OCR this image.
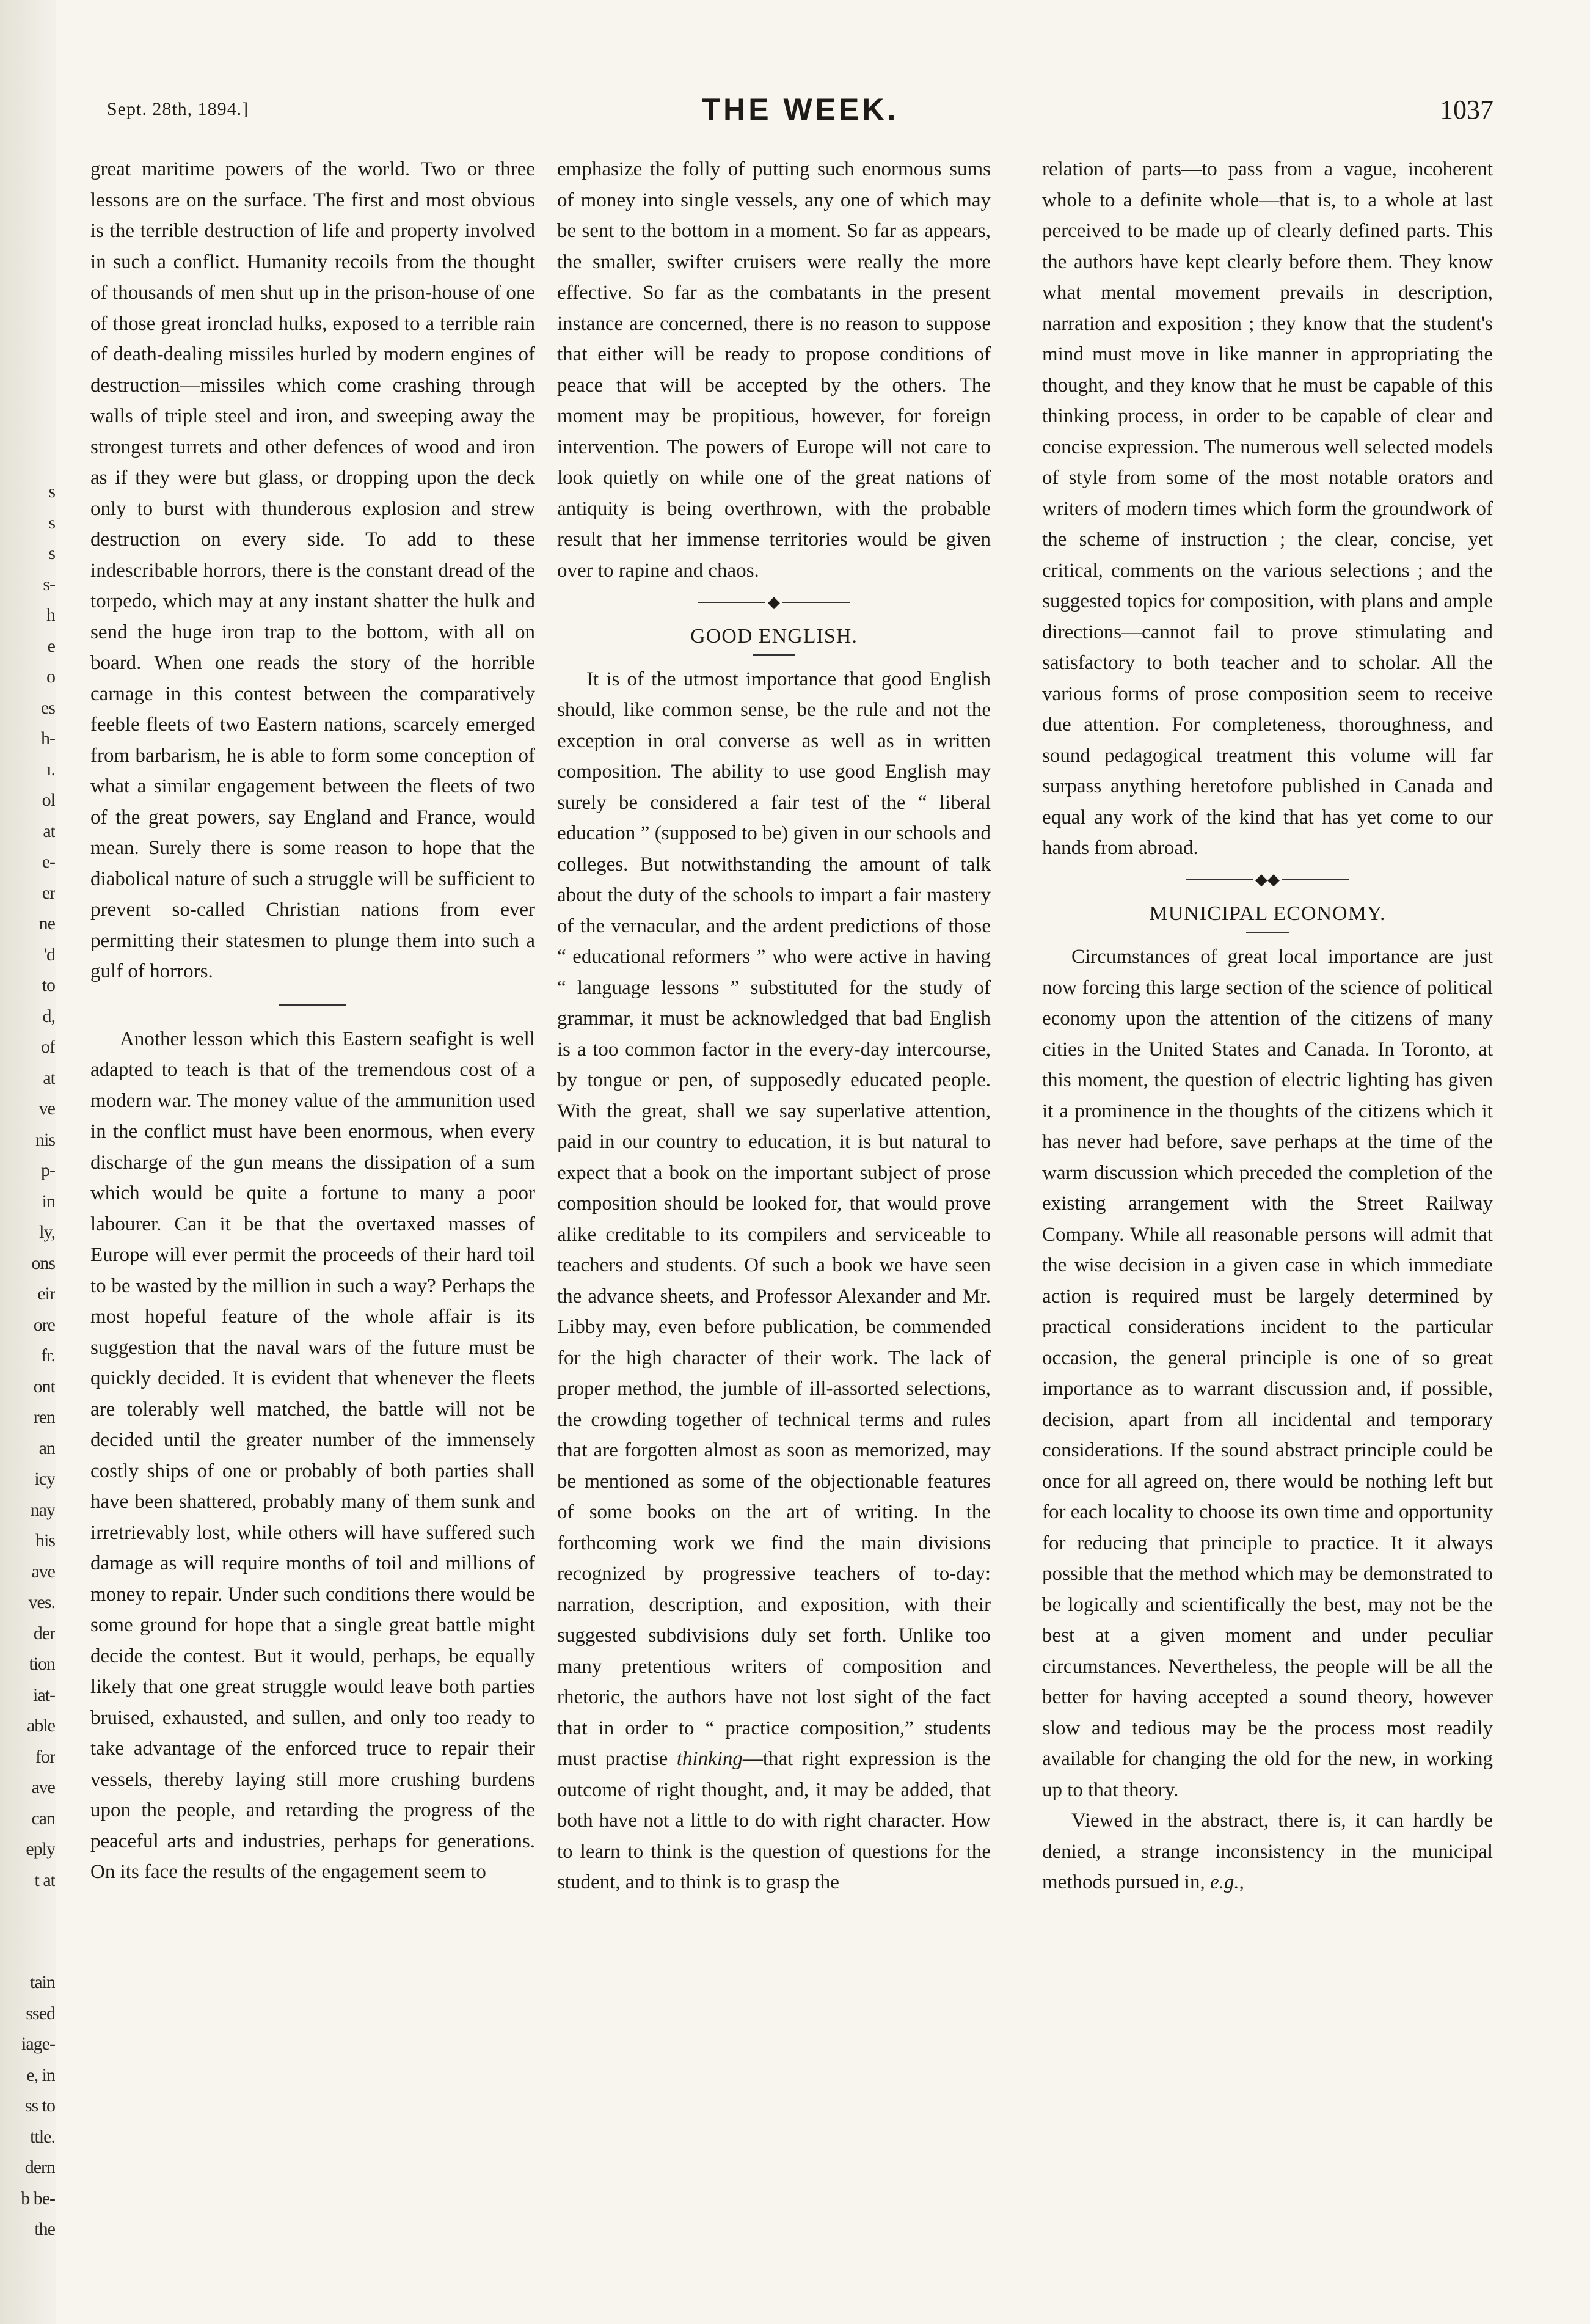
s
s
s
s-
h
e
o
es
h-
ı.
ol
at
e-
er
ne
'd
to
d,
of
at
ve
nis
p-
in
ly,
ons
eir
ore
fr.
ont
ren
an
icy
nay
his
ave
ves.
der
tion
iat-
able
for
ave
can
eply
t at
tain
ssed
iage-
e, in
ss to
ttle.
dern
b be-
the
Sept. 28th, 1894.]	THE WEEK.	1037

great maritime powers of the world. Two or three lessons are on the surface. The first and most obvious is the terrible destruction of life and property involved in such a conflict. Humanity recoils from the thought of thousands of men shut up in the prison-house of one of those great ironclad hulks, exposed to a terrible rain of death-dealing missiles hurled by modern engines of destruction—missiles which come crashing through walls of triple steel and iron, and sweeping away the strongest turrets and other defences of wood and iron as if they were but glass, or dropping upon the deck only to burst with thunderous explosion and strew destruction on every side. To add to these indescribable horrors, there is the constant dread of the torpedo, which may at any instant shatter the hulk and send the huge iron trap to the bottom, with all on board. When one reads the story of the horrible carnage in this contest between the comparatively feeble fleets of two Eastern nations, scarcely emerged from barbarism, he is able to form some conception of what a similar engagement between the fleets of two of the great powers, say England and France, would mean. Surely there is some reason to hope that the diabolical nature of such a struggle will be sufficient to prevent so-called Christian nations from ever permitting their statesmen to plunge them into such a gulf of horrors.

Another lesson which this Eastern seafight is well adapted to teach is that of the tremendous cost of a modern war. The money value of the ammunition used in the conflict must have been enormous, when every discharge of the gun means the dissipation of a sum which would be quite a fortune to many a poor labourer. Can it be that the overtaxed masses of Europe will ever permit the proceeds of their hard toil to be wasted by the million in such a way? Perhaps the most hopeful feature of the whole affair is its suggestion that the naval wars of the future must be quickly decided. It is evident that whenever the fleets are tolerably well matched, the battle will not be decided until the greater number of the immensely costly ships of one or probably of both parties shall have been shattered, probably many of them sunk and irretrievably lost, while others will have suffered such damage as will require months of toil and millions of money to repair. Under such conditions there would be some ground for hope that a single great battle might decide the contest. But it would, perhaps, be equally likely that one great struggle would leave both parties bruised, exhausted, and sullen, and only too ready to take advantage of the enforced truce to repair their vessels, thereby laying still more crushing burdens upon the people, and retarding the progress of the peaceful arts and industries, perhaps for generations. On its face the results of the engagement seem to

emphasize the folly of putting such enormous sums of money into single vessels, any one of which may be sent to the bottom in a moment. So far as appears, the smaller, swifter cruisers were really the more effective. So far as the combatants in the present instance are concerned, there is no reason to suppose that either will be ready to propose conditions of peace that will be accepted by the others. The moment may be propitious, however, for foreign intervention. The powers of Europe will not care to look quietly on while one of the great nations of antiquity is being overthrown, with the probable result that her immense territories would be given over to rapine and chaos.

◆
GOOD ENGLISH.

It is of the utmost importance that good English should, like common sense, be the rule and not the exception in oral converse as well as in written composition. The ability to use good English may surely be considered a fair test of the “ liberal education ” (supposed to be) given in our schools and colleges. But notwithstanding the amount of talk about the duty of the schools to impart a fair mastery of the vernacular, and the ardent predictions of those “ educational reformers ” who were active in having “ language lessons ” substituted for the study of grammar, it must be acknowledged that bad English is a too common factor in the every-day intercourse, by tongue or pen, of supposedly educated people. With the great, shall we say superlative attention, paid in our country to education, it is but natural to expect that a book on the important subject of prose composition should be looked for, that would prove alike creditable to its compilers and serviceable to teachers and students. Of such a book we have seen the advance sheets, and Professor Alexander and Mr. Libby may, even before publication, be commended for the high character of their work. The lack of proper method, the jumble of ill-assorted selections, the crowding together of technical terms and rules that are forgotten almost as soon as memorized, may be mentioned as some of the objectionable features of some books on the art of writing. In the forthcoming work we find the main divisions recognized by progressive teachers of to-day: narration, description, and exposition, with their suggested subdivisions duly set forth. Unlike too many pretentious writers of composition and rhetoric, the authors have not lost sight of the fact that in order to “ practice composition,” students must practise thinking—that right expression is the outcome of right thought, and, it may be added, that both have not a little to do with right character. How to learn to think is the question of questions for the student, and to think is to grasp the

relation of parts—to pass from a vague, incoherent whole to a definite whole—that is, to a whole at last perceived to be made up of clearly defined parts. This the authors have kept clearly before them. They know what mental movement prevails in description, narration and exposition ; they know that the student's mind must move in like manner in appropriating the thought, and they know that he must be capable of this thinking process, in order to be capable of clear and concise expression. The numerous well selected models of style from some of the most notable orators and writers of modern times which form the groundwork of the scheme of instruction ; the clear, concise, yet critical, comments on the various selections ; and the suggested topics for composition, with plans and ample directions—cannot fail to prove stimulating and satisfactory to both teacher and to scholar. All the various forms of prose composition seem to receive due attention. For completeness, thoroughness, and sound pedagogical treatment this volume will far surpass anything heretofore published in Canada and equal any work of the kind that has yet come to our hands from abroad.

◆◆
MUNICIPAL ECONOMY.

Circumstances of great local importance are just now forcing this large section of the science of political economy upon the attention of the citizens of many cities in the United States and Canada. In Toronto, at this moment, the question of electric lighting has given it a prominence in the thoughts of the citizens which it has never had before, save perhaps at the time of the warm discussion which preceded the completion of the existing arrangement with the Street Railway Company. While all reasonable persons will admit that the wise decision in a given case in which immediate action is required must be largely determined by practical considerations incident to the particular occasion, the general principle is one of so great importance as to warrant discussion and, if possible, decision, apart from all incidental and temporary considerations. If the sound abstract principle could be once for all agreed on, there would be nothing left but for each locality to choose its own time and opportunity for reducing that principle to practice. It it always possible that the method which may be demonstrated to be logically and scientifically the best, may not be the best at a given moment and under peculiar circumstances. Nevertheless, the people will be all the better for having accepted a sound theory, however slow and tedious may be the process most readily available for changing the old for the new, in working up to that theory.

Viewed in the abstract, there is, it can hardly be denied, a strange inconsistency in the municipal methods pursued in, e.g.,
